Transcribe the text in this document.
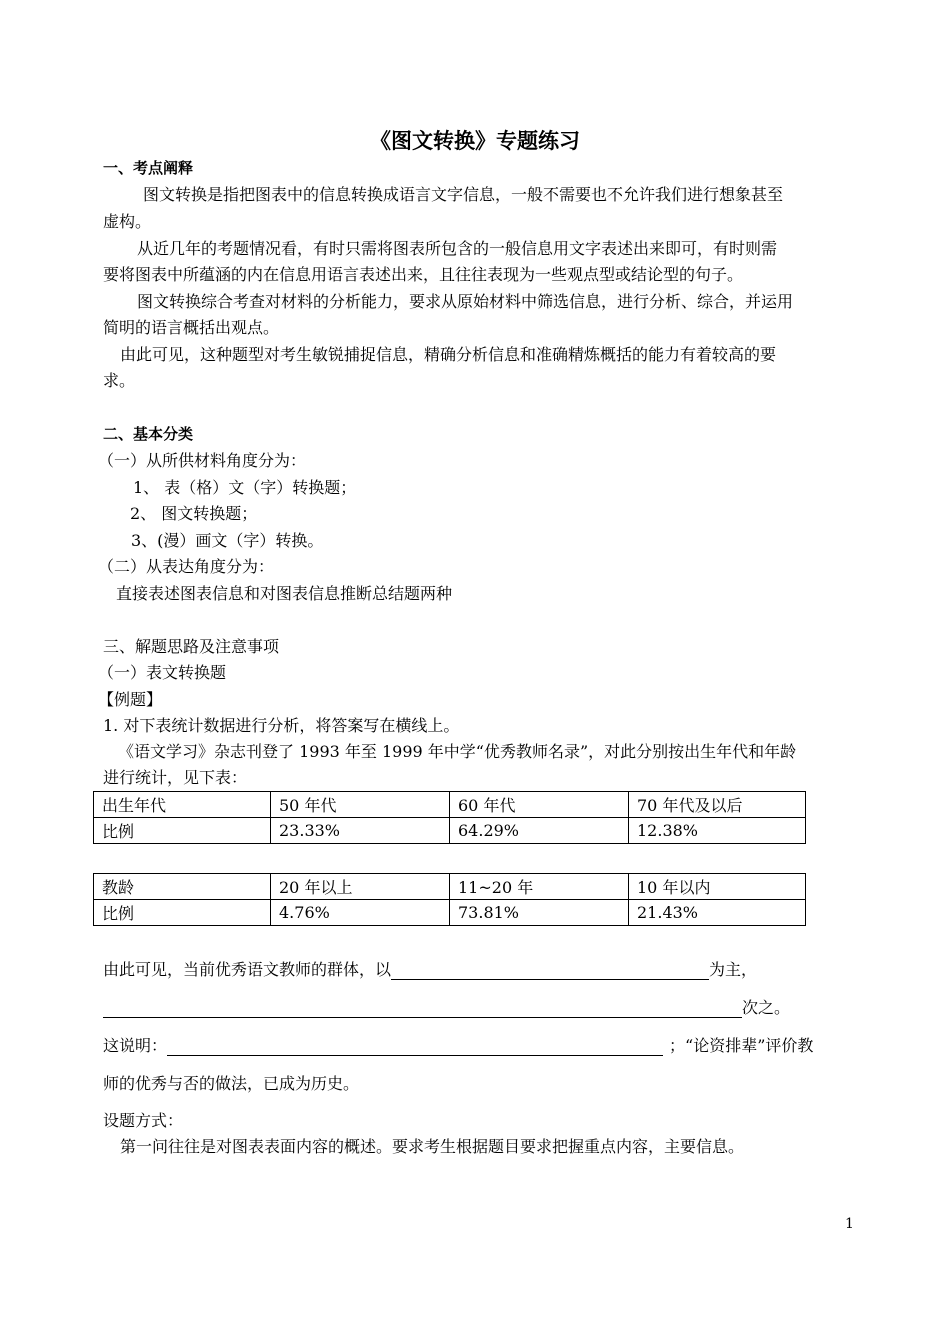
《图文转换》专题练习
一、考点阐释
图文转换是指把图表中的信息转换成语言文字信息，一般不需要也不允许我们进行想象甚至
虚构。
从近几年的考题情况看，有时只需将图表所包含的一般信息用文字表述出来即可，有时则需
要将图表中所蕴涵的内在信息用语言表述出来，且往往表现为一些观点型或结论型的句子。
图文转换综合考查对材料的分析能力，要求从原始材料中筛选信息，进行分析、综合，并运用
简明的语言概括出观点。
由此可见，这种题型对考生敏锐捕捉信息，精确分析信息和准确精炼概括的能力有着较高的要
求。
二、基本分类
（一）从所供材料角度分为：
1、 表（格）文（字）转换题；
2、 图文转换题；
3、(漫）画文（字）转换。
（二）从表达角度分为：
直接表述图表信息和对图表信息推断总结题两种
三、解题思路及注意事项
（一）表文转换题
【例题】
1. 对下表统计数据进行分析，将答案写在横线上。
《语文学习》杂志刊登了 1993 年至 1999 年中学“优秀教师名录”，对此分别按出生年代和年龄
进行统计，见下表：
出生年代	50 年代	60 年代	70 年代及以后
比例	23.33%	64.29%	12.38%
教龄	20 年以上	11~20 年	10 年以内
比例	4.76%	73.81%	21.43%
由此可见，当前优秀语文教师的群体，以	为主，
次之。
这说明：	；“论资排辈”评价教
师的优秀与否的做法，已成为历史。
设题方式：
第一问往往是对图表表面内容的概述。要求考生根据题目要求把握重点内容，主要信息。
1
